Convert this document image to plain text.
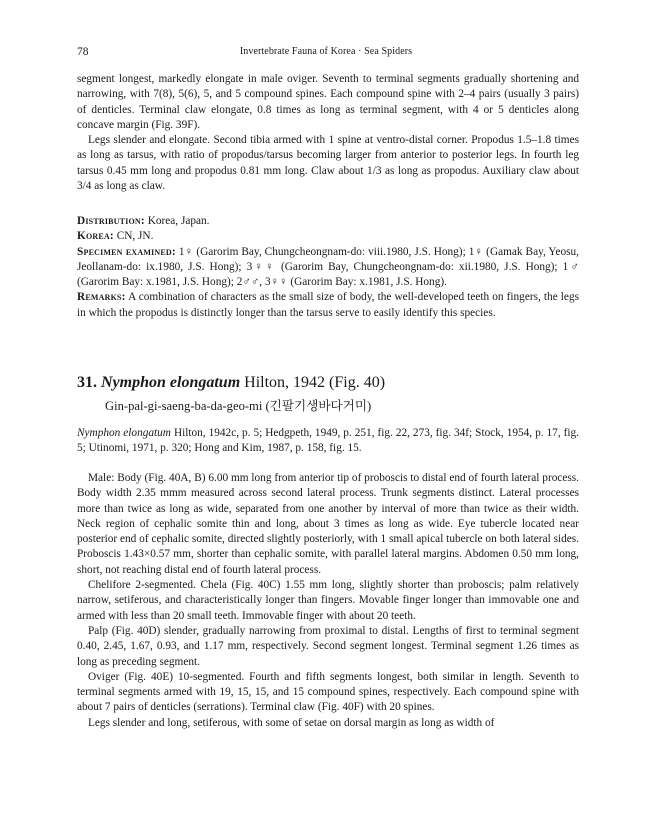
78	Invertebrate Fauna of Korea · Sea Spiders

segment longest, markedly elongate in male oviger. Seventh to terminal segments gradually shortening and narrowing, with 7(8), 5(6), 5, and 5 compound spines. Each compound spine with 2–4 pairs (usually 3 pairs) of denticles. Terminal claw elongate, 0.8 times as long as terminal segment, with 4 or 5 denticles along concave margin (Fig. 39F).

Legs slender and elongate. Second tibia armed with 1 spine at ventro-distal corner. Propodus 1.5–1.8 times as long as tarsus, with ratio of propodus/tarsus becoming larger from anterior to posterior legs. In fourth leg tarsus 0.45 mm long and propodus 0.81 mm long. Claw about 1/3 as long as propodus. Auxiliary claw about 3/4 as long as claw.

Distribution: Korea, Japan.

Korea: CN, JN.

Specimen examined: 1♀ (Garorim Bay, Chungcheongnam-do: viii.1980, J.S. Hong); 1♀ (Gamak Bay, Yeosu, Jeollanam-do: ix.1980, J.S. Hong); 3♀♀ (Garorim Bay, Chungcheongnam-do: xii.1980, J.S. Hong); 1♂ (Garorim Bay: x.1981, J.S. Hong); 2♂♂, 3♀♀ (Garorim Bay: x.1981, J.S. Hong).

Remarks: A combination of characters as the small size of body, the well-developed teeth on fingers, the legs in which the propodus is distinctly longer than the tarsus serve to easily identify this species.

31. Nymphon elongatum Hilton, 1942 (Fig. 40)
Gin-pal-gi-saeng-ba-da-geo-mi (긴팔기생바다거미)

Nymphon elongatum Hilton, 1942c, p. 5; Hedgpeth, 1949, p. 251, fig. 22, 273, fig. 34f; Stock, 1954, p. 17, fig. 5; Utinomi, 1971, p. 320; Hong and Kim, 1987, p. 158, fig. 15.

Male: Body (Fig. 40A, B) 6.00 mm long from anterior tip of proboscis to distal end of fourth lateral process. Body width 2.35 mmm measured across second lateral process. Trunk segments distinct. Lateral processes more than twice as long as wide, separated from one another by interval of more than twice as their width. Neck region of cephalic somite thin and long, about 3 times as long as wide. Eye tubercle located near posterior end of cephalic somite, directed slightly posteriorly, with 1 small apical tubercle on both lateral sides. Proboscis 1.43×0.57 mm, shorter than cephalic somite, with parallel lateral margins. Abdomen 0.50 mm long, short, not reaching distal end of fourth lateral process.

Chelifore 2-segmented. Chela (Fig. 40C) 1.55 mm long, slightly shorter than proboscis; palm relatively narrow, setiferous, and characteristically longer than fingers. Movable finger longer than immovable one and armed with less than 20 small teeth. Immovable finger with about 20 teeth.

Palp (Fig. 40D) slender, gradually narrowing from proximal to distal. Lengths of first to terminal segment 0.40, 2.45, 1.67, 0.93, and 1.17 mm, respectively. Second segment longest. Terminal segment 1.26 times as long as preceding segment.

Oviger (Fig. 40E) 10-segmented. Fourth and fifth segments longest, both similar in length. Seventh to terminal segments armed with 19, 15, 15, and 15 compound spines, respectively. Each compound spine with about 7 pairs of denticles (serrations). Terminal claw (Fig. 40F) with 20 spines.

Legs slender and long, setiferous, with some of setae on dorsal margin as long as width of
